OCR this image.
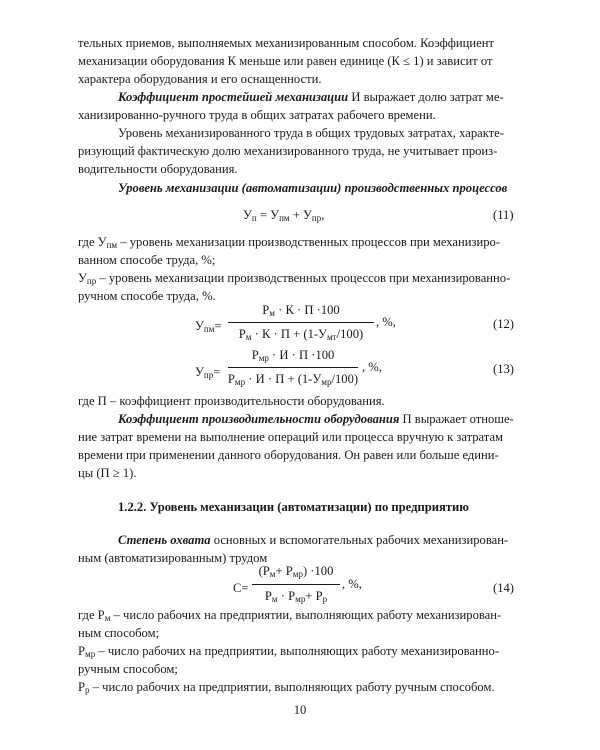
тельных приемов, выполняемых механизированным способом. Коэффициент
механизации оборудования К меньше или равен единице (К ≤ 1) и зависит от
характера оборудования и его оснащенности.
Коэффициент простейшей механизации И выражает долю затрат ме-
ханизированно-ручного труда в общих затратах рабочего времени.
Уровень механизированного труда в общих трудовых затратах, характе-
ризующий фактическую долю механизированного труда, не учитывает произ-
водительности оборудования.
Уровень механизации (автоматизации) производственных процессов
$У_п = У_{пм} + У_{пр}$,	(11)
где $У_{пм}$ – уровень механизации производственных процессов при механизиро-
ванном способе труда, %;
$У_{пр}$ – уровень механизации производственных процессов при механизированно-
ручном способе труда, %.
$У_{пм}=$
$Р_м \cdot К \cdot П \cdot 100$
$Р_м \cdot К \cdot П + (1-У_{мт}/100)$
, %,	(12)
$У_{пр}=$
$Р_{мр} \cdot И \cdot П \cdot 100$
$Р_{мр} \cdot И \cdot П + (1-У_{мр}/100)$
, %,	(13)
где П – коэффициент производительности оборудования.
Коэффициент производительности оборудования П выражает отноше-
ние затрат времени на выполнение операций или процесса вручную к затратам
времени при применении данного оборудования. Он равен или больше едини-
цы (П ≥ 1).
1.2.2. Уровень механизации (автоматизации) по предприятию
Степень охвата основных и вспомогательных рабочих механизирован-
ным (автоматизированным) трудом
С=
$(Р_м+ Р_{мр}) \cdot 100$
$Р_м \cdot Р_{мр}+ Р_р$
, %,	(14)
где $Р_м$ – число рабочих на предприятии, выполняющих работу механизирован-
ным способом;
$Р_{мр}$ – число рабочих на предприятии, выполняющих работу механизированно-
ручным способом;
$Р_р$ – число рабочих на предприятии, выполняющих работу ручным способом.
10
